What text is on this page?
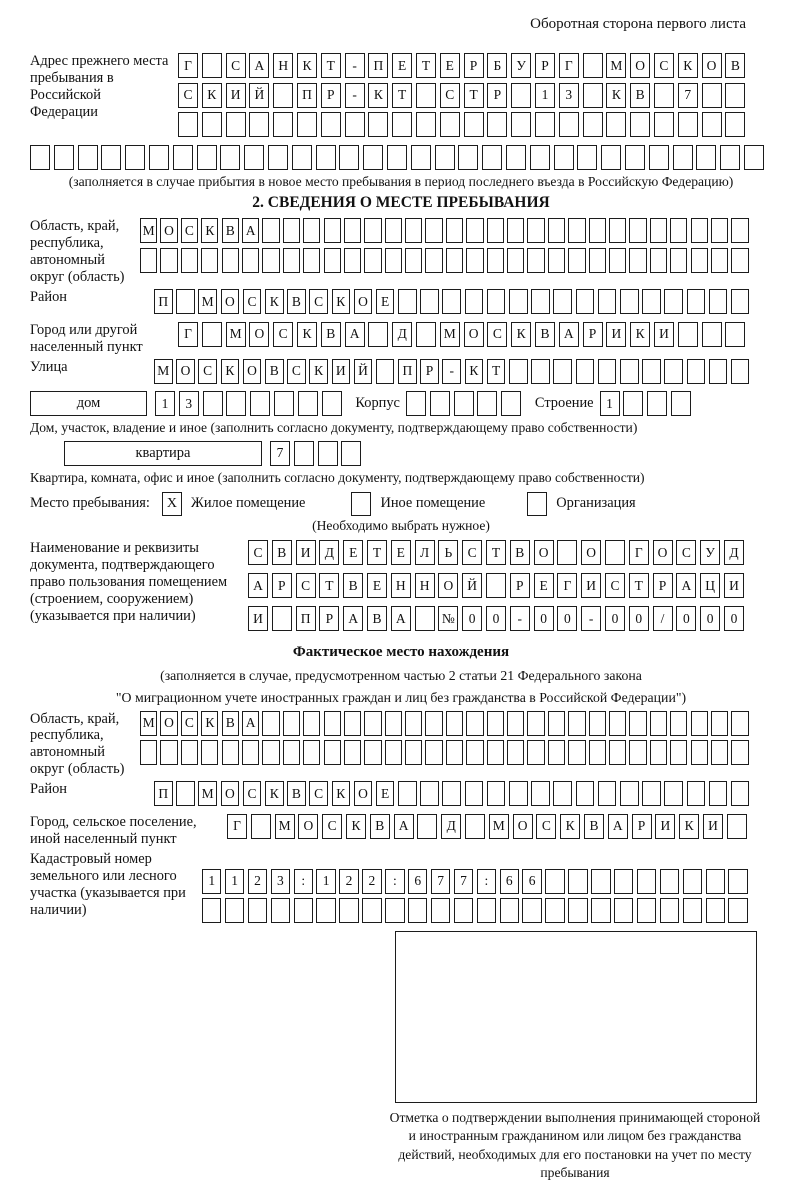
Оборотная сторона первого листа
Адрес прежнего места пребывания в Российской Федерации
Г	С	А	Н	К	Т	-	П	Е	Т	Е	Р	Б	У	Р	Г	М О	С	К	О	В
С	К	И	Й	П	Р	-	К	Т	С	Т	Р	1	3	К	В	7
(заполняется в случае прибытия в новое место пребывания в период последнего въезда в Российскую Федерацию)
2. СВЕДЕНИЯ О МЕСТЕ ПРЕБЫВАНИЯ
Область, край, республика, автономный округ (область)
М О С К В А
Район	П	М О С К В С К О Е
Город или другой населенный пункт
Г	М О	С	К	В	А	Д	М О	С	К	В	А	Р	И	К	И
Улица	М О С К О В С К И Й	П	Р	-	К	Т
дом	1	3	Корпус	Строение 1
Дом, участок, владение и иное (заполнить согласно документу, подтверждающему право собственности)
квартира	7
Квартира, комната, офис и иное (заполнить согласно документу, подтверждающему право собственности)
Место пребывания:	X Жилое помещение	Иное помещение	Организация
(Необходимо выбрать нужное)
Наименование и реквизиты документа, подтверждающего право пользования помещением (строением, сооружением) (указывается при наличии)
С	В	И	Д	Е	Т	Е	Л	Ь	С	Т	В	О	О	Г	О	С	У	Д
А	Р	С	Т	В	Е	Н	Н	О	Й	Р	Е	Г	И	С	Т	Р	А	Ц	И
И	П	Р	А	В	А	№	0	0	-	0	0	-	0	0	/	0	0	0
Фактическое место нахождения
(заполняется в случае, предусмотренном частью 2 статьи 21 Федерального закона
"О миграционном учете иностранных граждан и лиц без гражданства в Российской Федерации")
Область, край, республика, автономный округ (область)
М О С К В А
Район	П	М О С К В С К О Е
Город, сельское поселение, иной населенный пункт
Г	М О	С	К	В	А	Д	М О	С	К	В	А	Р	И	К	И
Кадастровый номер земельного или лесного участка (указывается при наличии)
1	1	2	3	:	1	2	2	:	6	7	7	:	6	6
Отметка о подтверждении выполнения принимающей стороной и иностранным гражданином или лицом без гражданства действий, необходимых для его постановки на учет по месту пребывания
